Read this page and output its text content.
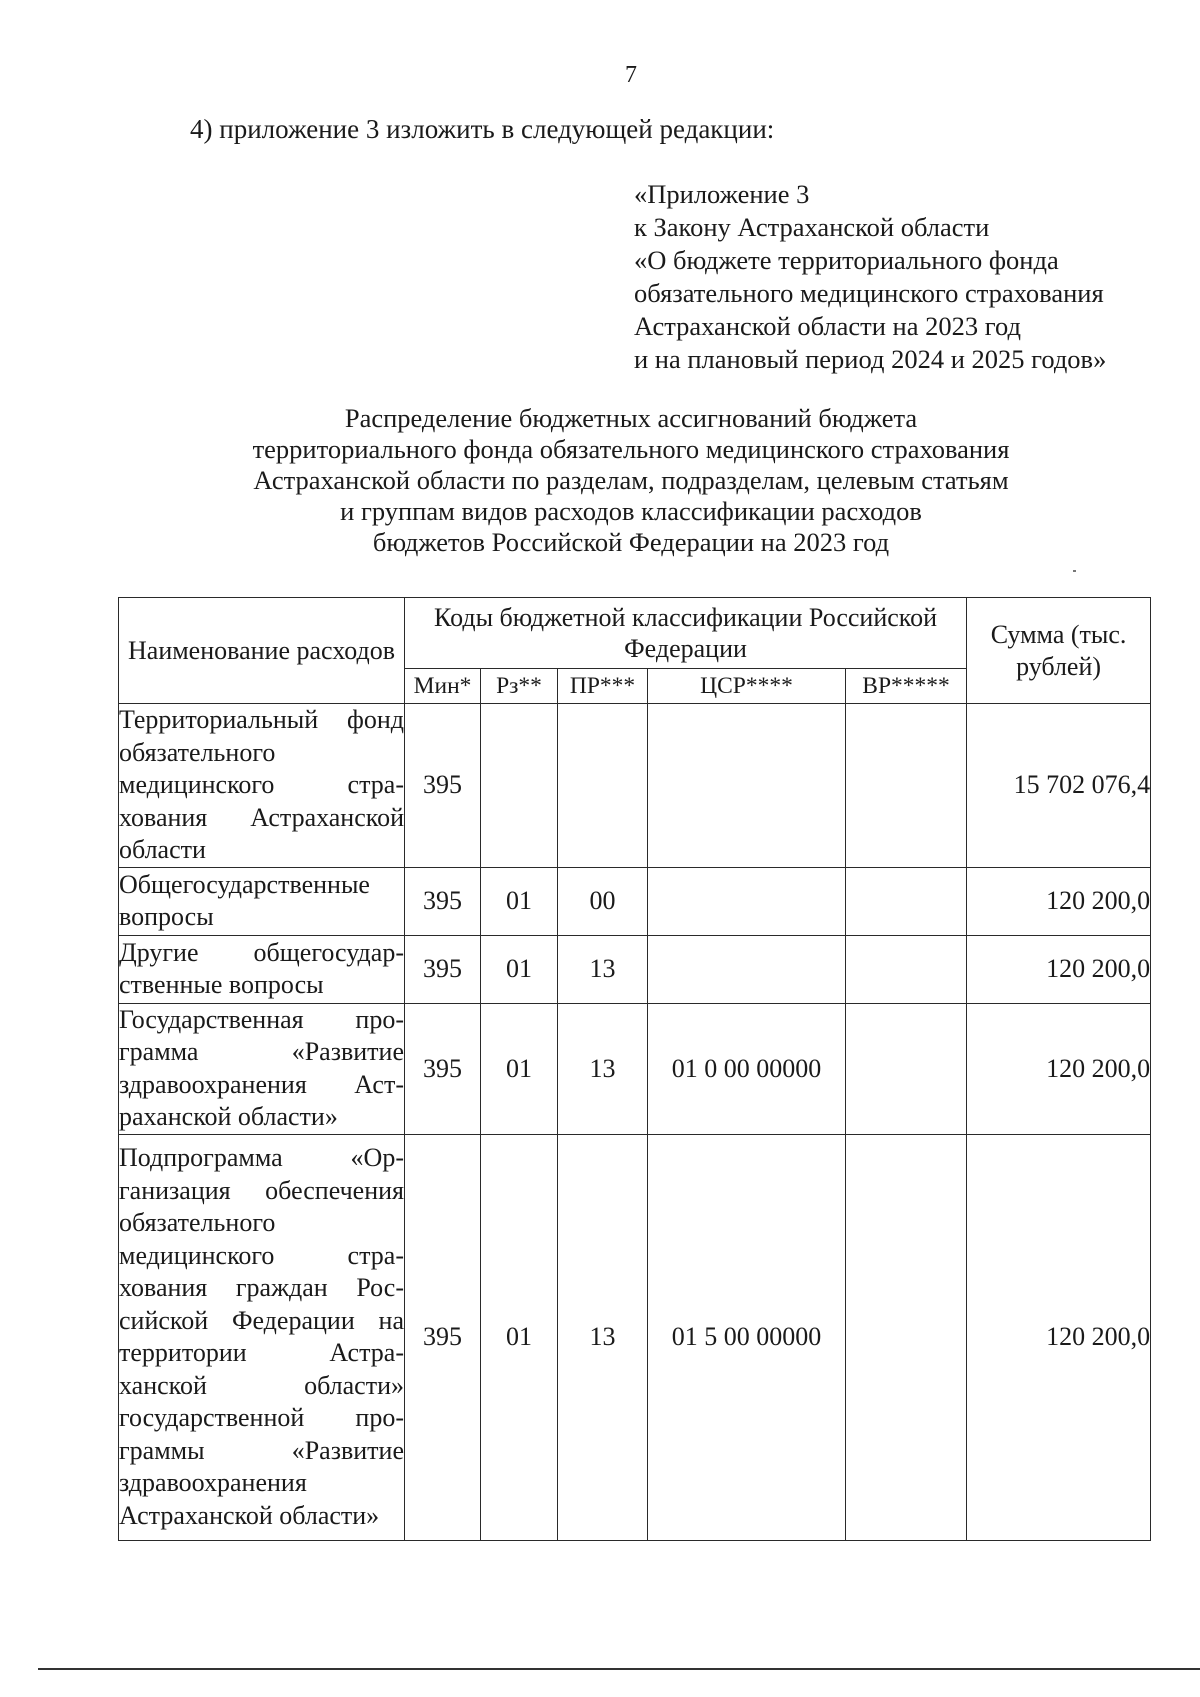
7
4) приложение 3 изложить в следующей редакции:
«Приложение 3
к Закону Астраханской области
«О бюджете территориального фонда
обязательного медицинского страхования
Астраханской области на 2023 год
и на плановый период 2024 и 2025 годов»
Распределение бюджетных ассигнований бюджета
территориального фонда обязательного медицинского страхования
Астраханской области по разделам, подразделам, целевым статьям
и группам видов расходов классификации расходов
бюджетов Российской Федерации на 2023 год
Наименование расходов	Коды бюджетной классификации Российской Федерации					Сумма (тыс. рублей)
	Мин*	Рз**	ПР***	ЦСР****	ВР*****	
Территориальный фонд обязательного медицинского страхования Астраханской области	395					15 702 076,4
Общегосударственные вопросы	395	01	00			120 200,0
Другие общегосударственные вопросы	395	01	13			120 200,0
Государственная программа «Развитие здравоохранения Астраханской области»	395	01	13	01 0 00 00000		120 200,0
Подпрограмма «Организация обеспечения обязательного медицинского страхования граждан Российской Федерации на территории Астраханской области» государственной программы «Развитие здравоохранения Астраханской области»	395	01	13	01 5 00 00000		120 200,0
